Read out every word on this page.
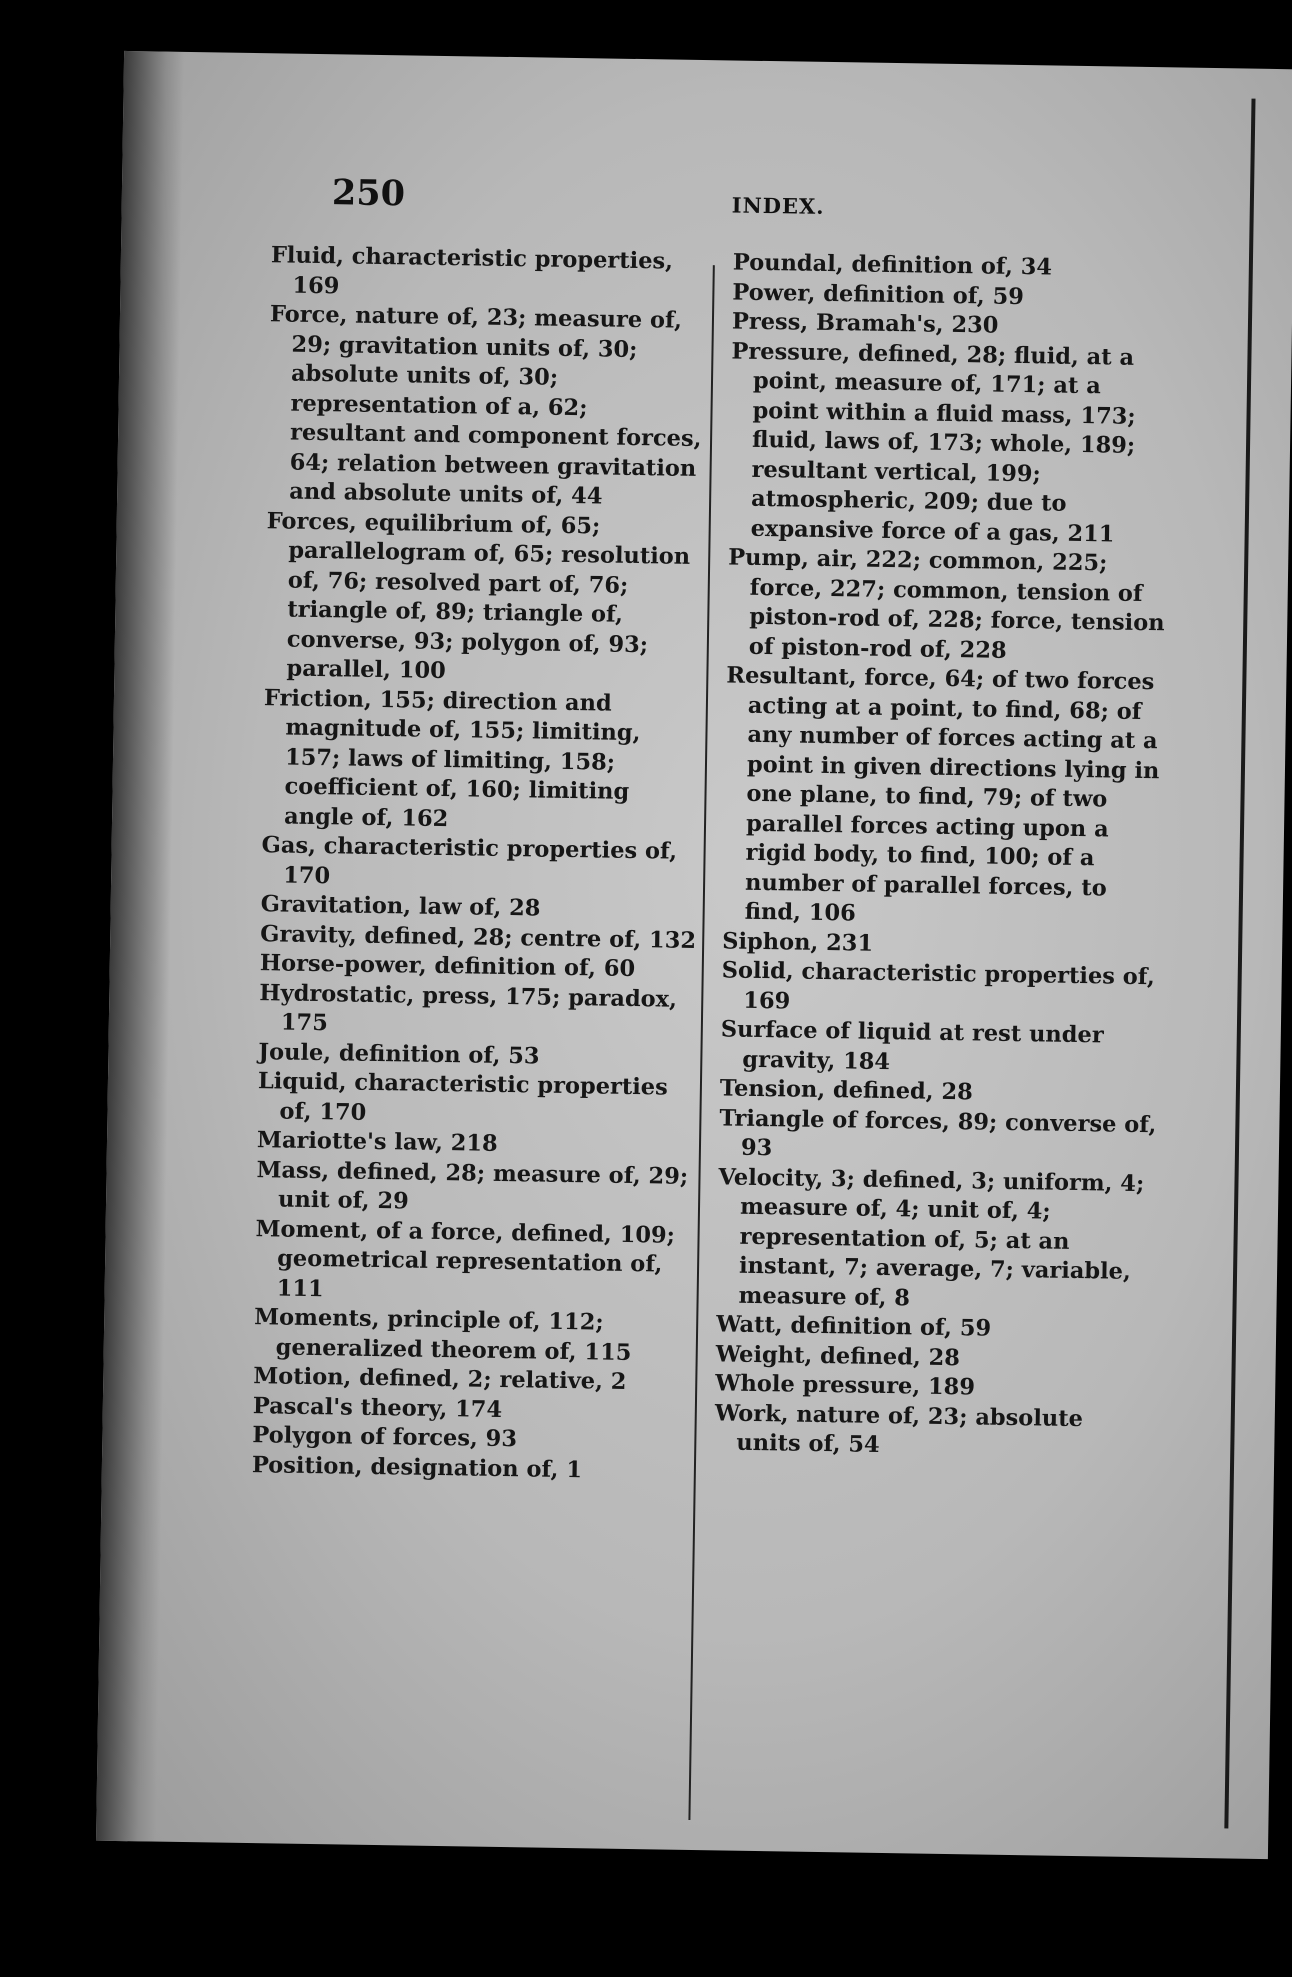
250	INDEX.

Fluid, characteristic properties, 169

Force, nature of, 23; measure of, 29; gravitation units of, 30; absolute units of, 30; representation of a, 62; resultant and component forces, 64; relation between gravitation and absolute units of, 44

Forces, equilibrium of, 65; parallelogram of, 65; resolution of, 76; resolved part of, 76; triangle of, 89; triangle of, converse, 93; polygon of, 93; parallel, 100

Friction, 155; direction and magnitude of, 155; limiting, 157; laws of limiting, 158; coefficient of, 160; limiting angle of, 162

Gas, characteristic properties of, 170

Gravitation, law of, 28

Gravity, defined, 28; centre of, 132

Horse-power, definition of, 60

Hydrostatic, press, 175; paradox, 175

Joule, definition of, 53

Liquid, characteristic properties of, 170

Mariotte's law, 218

Mass, defined, 28; measure of, 29; unit of, 29

Moment, of a force, defined, 109; geometrical representation of, 111

Moments, principle of, 112; generalized theorem of, 115

Motion, defined, 2; relative, 2

Pascal's theory, 174

Polygon of forces, 93

Position, designation of, 1

Poundal, definition of, 34

Power, definition of, 59

Press, Bramah's, 230

Pressure, defined, 28; fluid, at a point, measure of, 171; at a point within a fluid mass, 173; fluid, laws of, 173; whole, 189; resultant vertical, 199; atmospheric, 209; due to expansive force of a gas, 211

Pump, air, 222; common, 225; force, 227; common, tension of piston-rod of, 228; force, tension of piston-rod of, 228

Resultant, force, 64; of two forces acting at a point, to find, 68; of any number of forces acting at a point in given directions lying in one plane, to find, 79; of two parallel forces acting upon a rigid body, to find, 100; of a number of parallel forces, to find, 106

Siphon, 231

Solid, characteristic properties of, 169

Surface of liquid at rest under gravity, 184

Tension, defined, 28

Triangle of forces, 89; converse of, 93

Velocity, 3; defined, 3; uniform, 4; measure of, 4; unit of, 4; representation of, 5; at an instant, 7; average, 7; variable, measure of, 8

Watt, definition of, 59

Weight, defined, 28

Whole pressure, 189

Work, nature of, 23; absolute units of, 54
